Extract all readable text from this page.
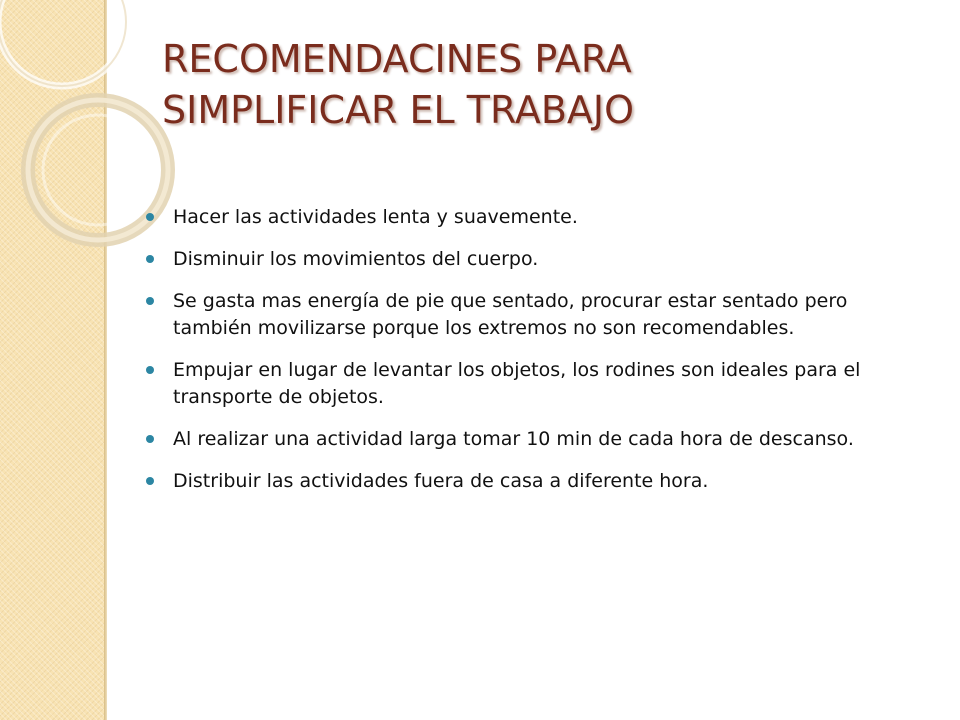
RECOMENDACINES PARA
SIMPLIFICAR EL TRABAJO
Hacer las actividades lenta y suavemente.
Disminuir los movimientos del cuerpo.
Se gasta mas energía de pie que sentado, procurar estar sentado pero también movilizarse porque los extremos no son recomendables.
Empujar en lugar de levantar los objetos, los rodines son ideales para el transporte de objetos.
Al realizar una actividad larga tomar 10 min de cada hora de descanso.
Distribuir las actividades fuera de casa a diferente hora.
